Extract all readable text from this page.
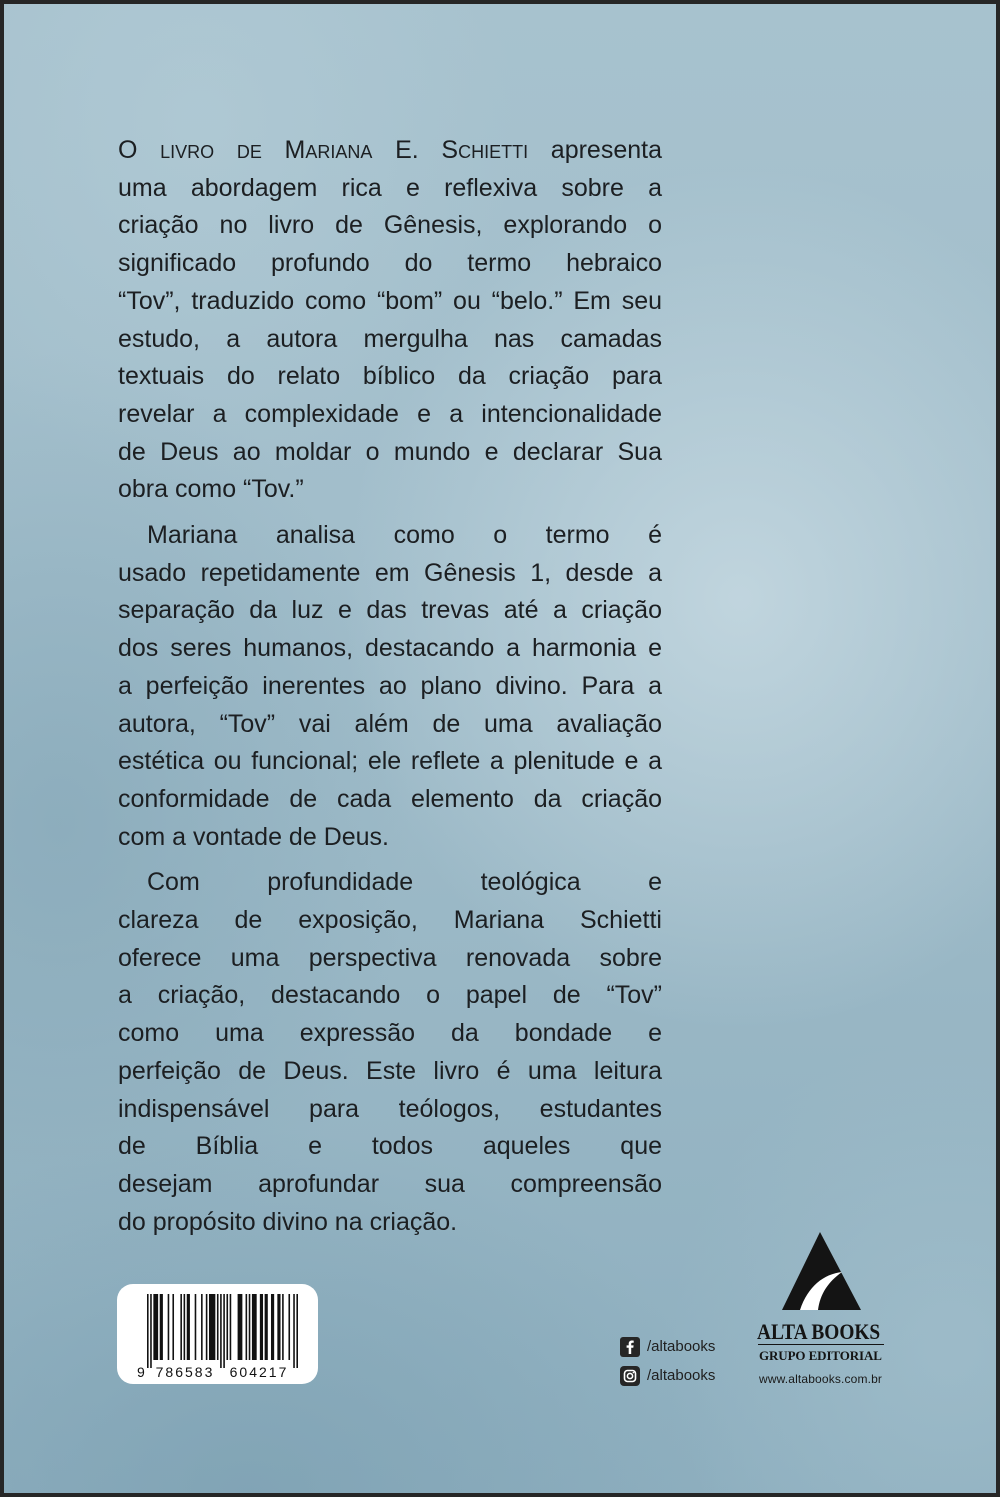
O livro de Mariana E. Schietti apresenta
uma abordagem rica e reflexiva sobre a
criação no livro de Gênesis, explorando o
significado profundo do termo hebraico
“Tov”, traduzido como “bom” ou “belo.” Em seu
estudo, a autora mergulha nas camadas
textuais do relato bíblico da criação para
revelar a complexidade e a intencionalidade
de Deus ao moldar o mundo e declarar Sua
obra como “Tov.”
Mariana analisa como o termo é
usado repetidamente em Gênesis 1, desde a
separação da luz e das trevas até a criação
dos seres humanos, destacando a harmonia e
a perfeição inerentes ao plano divino. Para a
autora, “Tov” vai além de uma avaliação
estética ou funcional; ele reflete a plenitude e a
conformidade de cada elemento da criação
com a vontade de Deus.
Com profundidade teológica e
clareza de exposição, Mariana Schietti
oferece uma perspectiva renovada sobre
a criação, destacando o papel de “Tov”
como uma expressão da bondade e
perfeição de Deus. Este livro é uma leitura
indispensável para teólogos, estudantes
de Bíblia e todos aqueles que
desejam aprofundar sua compreensão
do propósito divino na criação.
9 786583 604217
/altabooks
/altabooks
ALTA BOOKS
GRUPO EDITORIAL
www.altabooks.com.br
